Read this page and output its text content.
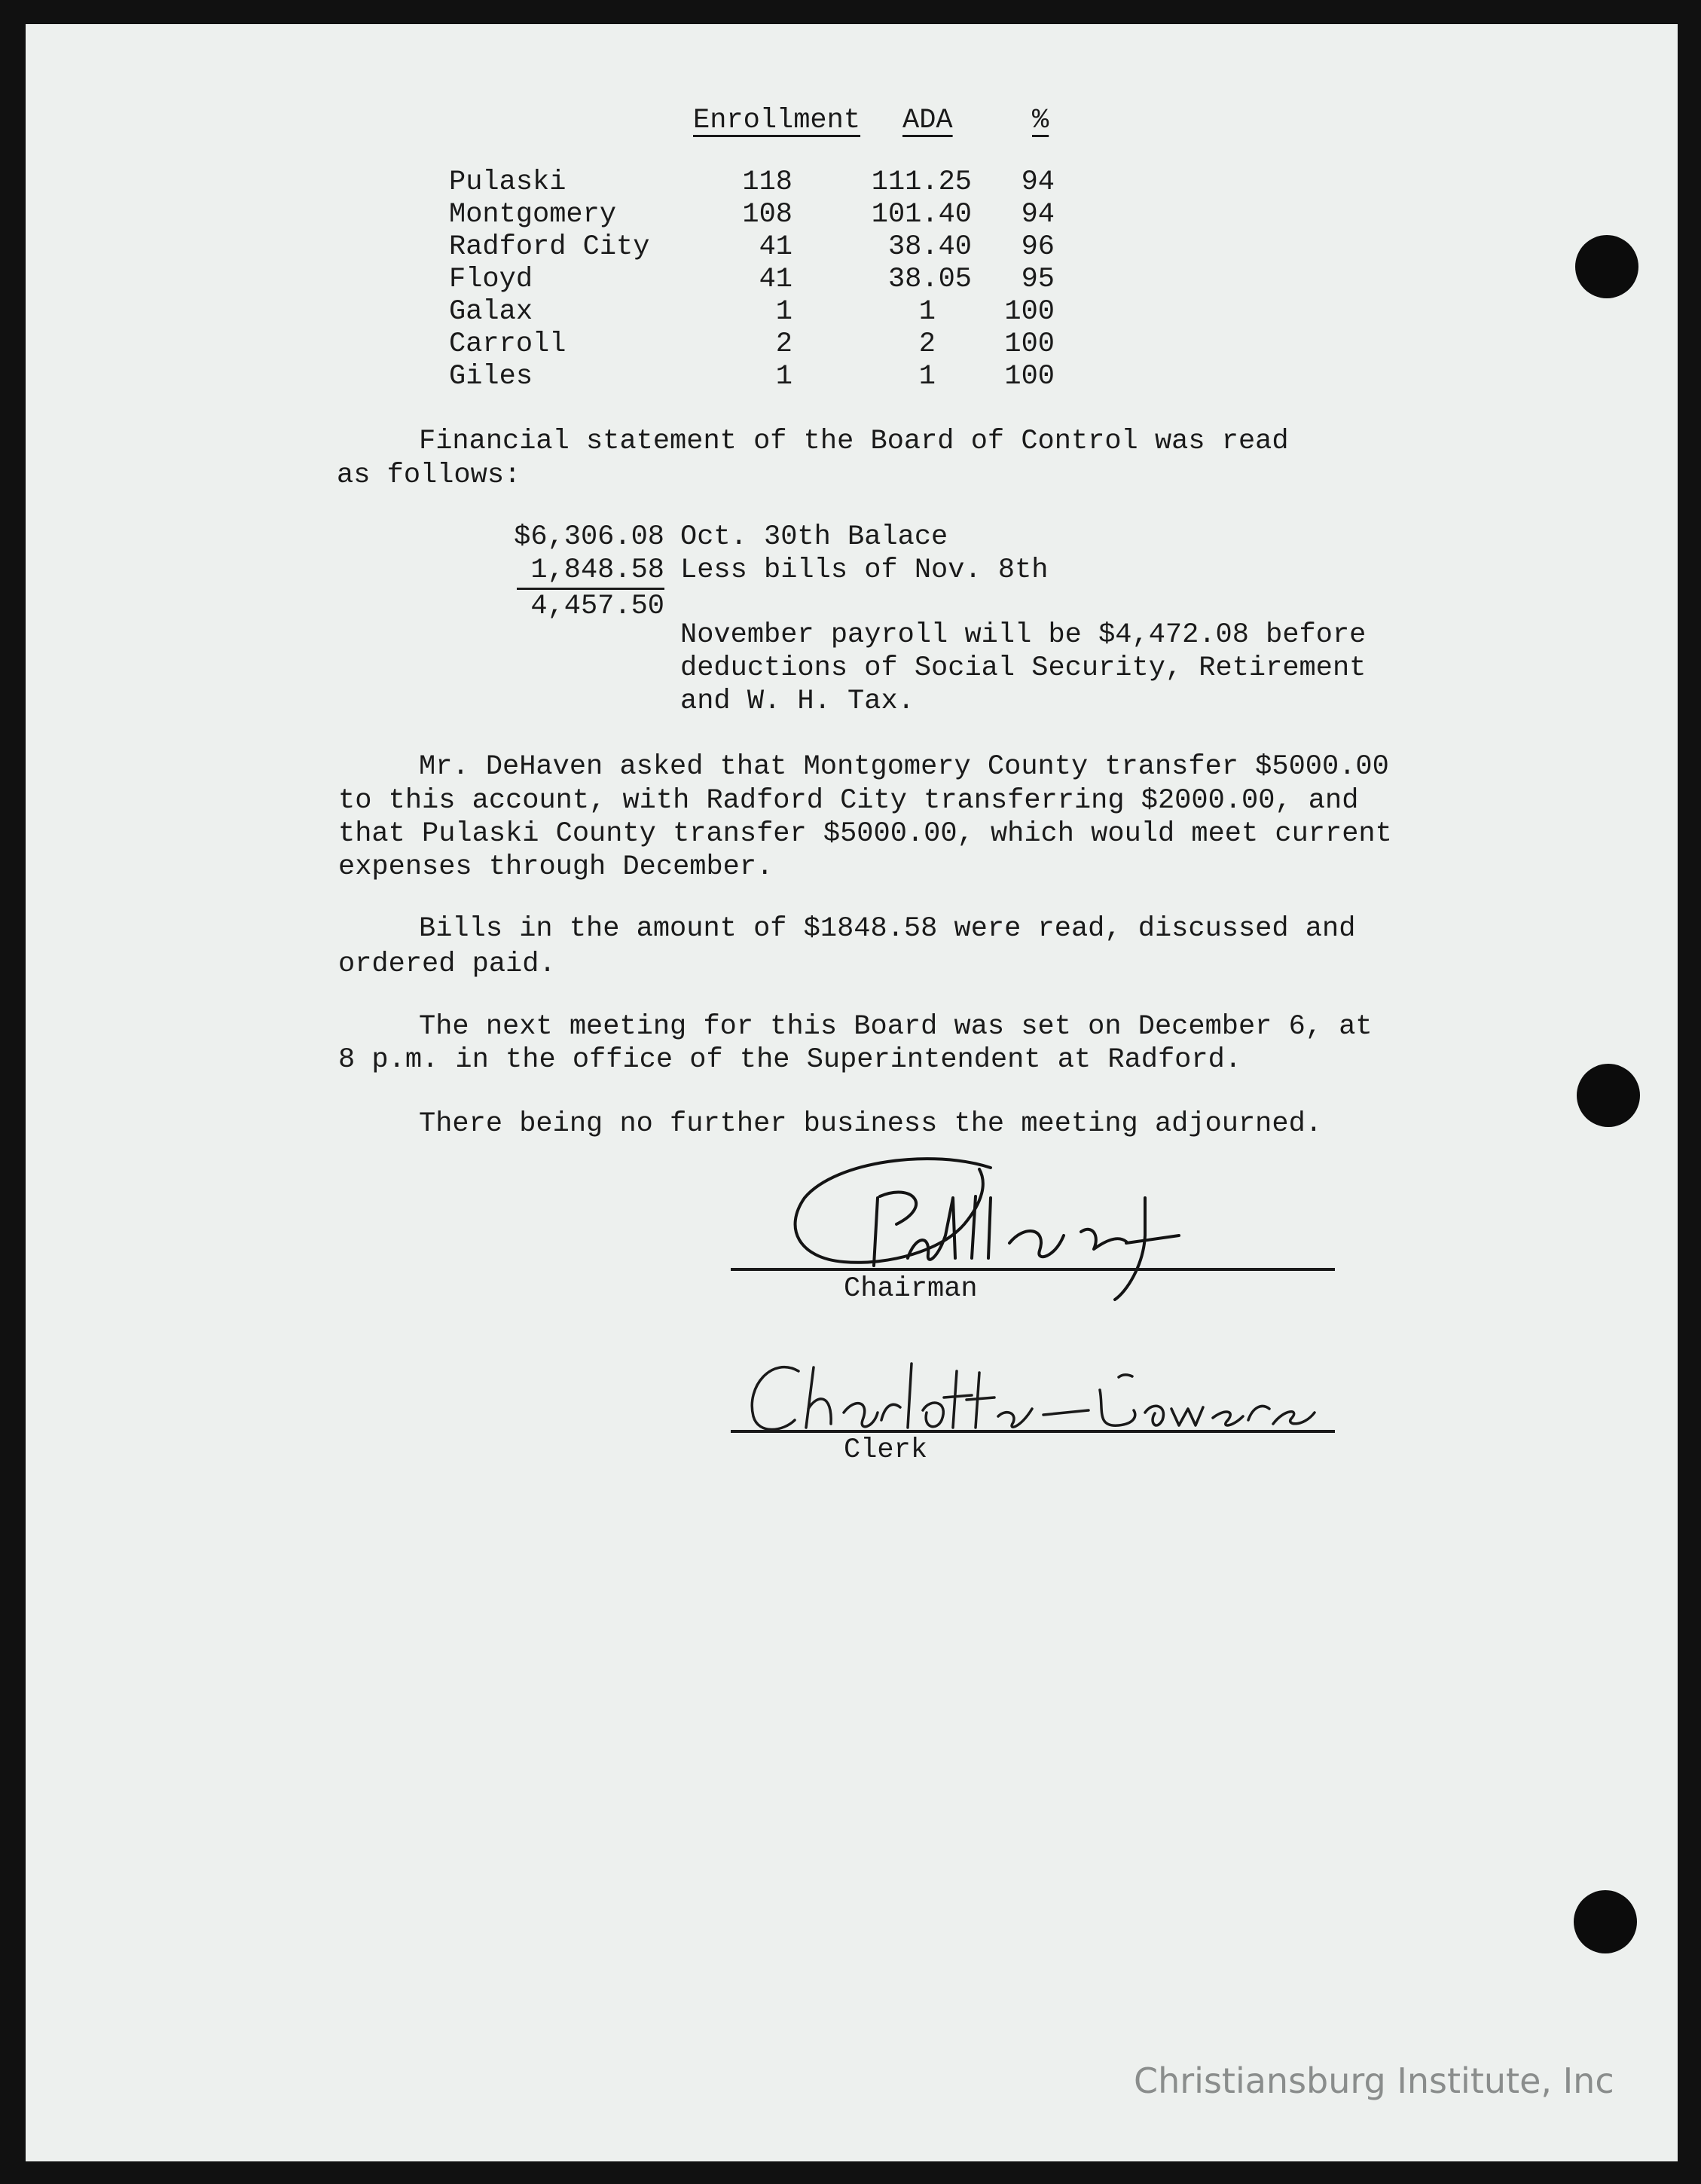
Enrollment ADA	%
Pulaski	118	111.25	94
Montgomery	108	101.40	94
Radford City	41	38.40	96
Floyd	41	38.05	95
Galax	1	1	100
Carroll	2	2	100
Giles	1	1	100
Financial statement of the Board of Control was read
as follows:
$6,306.08 Oct. 30th Balace
1,848.58 Less bills of Nov. 8th
4,457.50
November payroll will be $4,472.08 before
deductions of Social Security, Retirement
and W. H. Tax.
Mr. DeHaven asked that Montgomery County transfer $5000.00
to this account, with Radford City transferring $2000.00, and
that Pulaski County transfer $5000.00, which would meet current
expenses through December.
Bills in the amount of $1848.58 were read, discussed and
ordered paid.
The next meeting for this Board was set on December 6, at
8 p.m. in the office of the Superintendent at Radford.
There being no further business the meeting adjourned.
Chairman
Clerk
Christiansburg Institute, Inc
